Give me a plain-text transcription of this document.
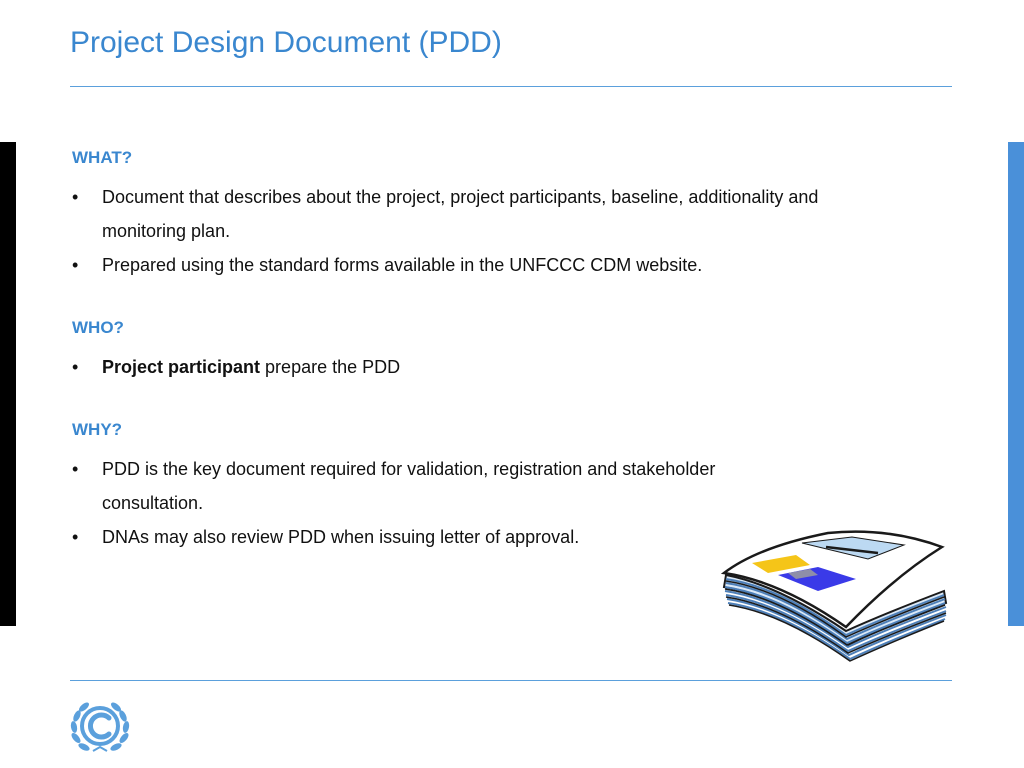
Project Design Document (PDD)
WHAT?
•	Document that describes about the project, project participants, baseline, additionality and
monitoring plan.
•	Prepared using the standard forms available in the UNFCCC CDM website.
WHO?
•	Project participant prepare the PDD
WHY?
•	PDD is the key document required for validation, registration and stakeholder
consultation.
•	DNAs may also review PDD when issuing letter of approval.
